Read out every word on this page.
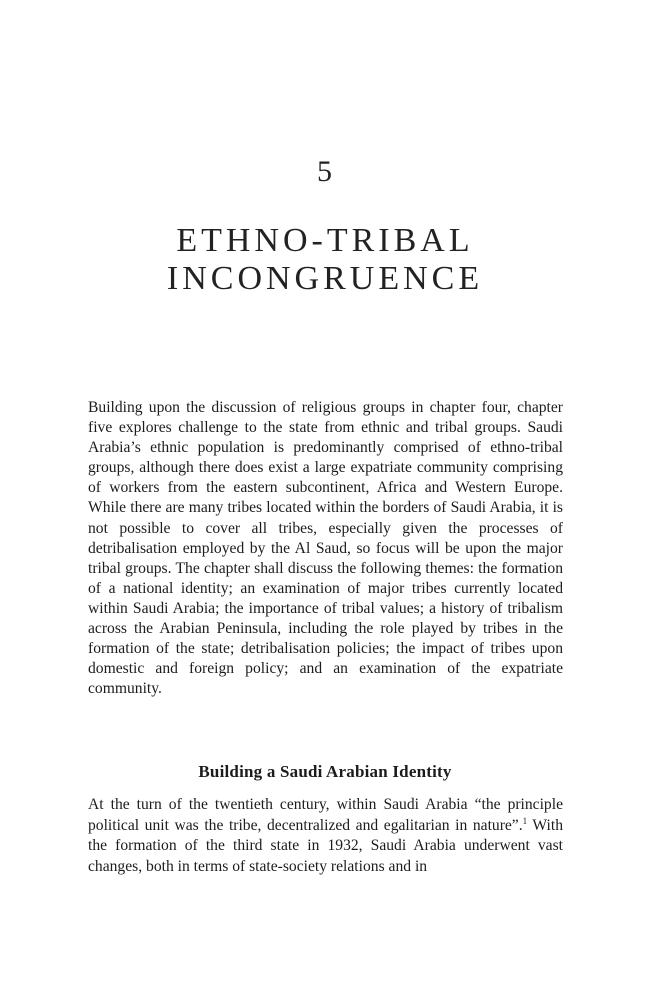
5
ETHNO-TRIBAL
INCONGRUENCE

Building upon the discussion of religious groups in chapter four, chapter five explores challenge to the state from ethnic and tribal groups. Saudi Arabia’s ethnic population is predominantly comprised of ethno-tribal groups, although there does exist a large expatriate community comprising of workers from the eastern subcontinent, Africa and Western Europe. While there are many tribes located within the borders of Saudi Arabia, it is not possible to cover all tribes, especially given the processes of detribalisation employed by the Al Saud, so focus will be upon the major tribal groups. The chapter shall discuss the following themes: the formation of a national identity; an examination of major tribes currently located within Saudi Arabia; the importance of tribal values; a history of tribalism across the Arabian Peninsula, including the role played by tribes in the formation of the state; detribalisation policies; the impact of tribes upon domestic and foreign policy; and an examination of the expatriate community.

Building a Saudi Arabian Identity

At the turn of the twentieth century, within Saudi Arabia “the principle political unit was the tribe, decentralized and egalitarian in nature”.$^1$ With the formation of the third state in 1932, Saudi Arabia underwent vast changes, both in terms of state-society relations and in
